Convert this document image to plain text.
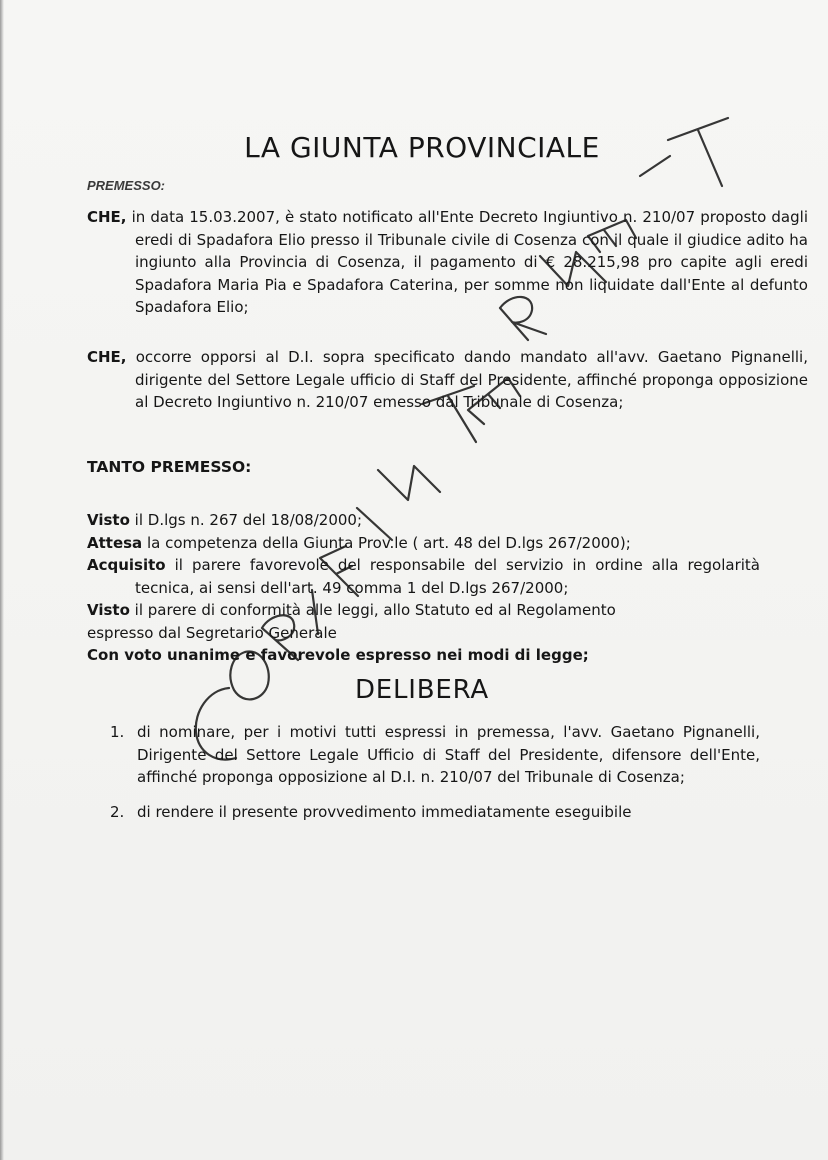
LA GIUNTA PROVINCIALE
PREMESSO:
CHE, in data 15.03.2007, è stato notificato all'Ente Decreto Ingiuntivo n. 210/07 proposto dagli eredi di Spadafora Elio presso il Tribunale civile di Cosenza con il quale il giudice adito ha ingiunto alla Provincia di Cosenza, il pagamento di € 28.215,98 pro capite agli eredi Spadafora Maria Pia e Spadafora Caterina, per somme non liquidate dall'Ente al defunto Spadafora Elio;
CHE, occorre opporsi al D.I. sopra specificato dando mandato all'avv. Gaetano Pignanelli, dirigente del Settore Legale ufficio di Staff del Presidente, affinché proponga opposizione al Decreto Ingiuntivo n. 210/07 emesso dal Tribunale di Cosenza;
TANTO PREMESSO:
Visto il D.lgs n. 267 del 18/08/2000;
Attesa la competenza della Giunta Prov.le ( art. 48 del D.lgs 267/2000);
Acquisito il parere favorevole del responsabile del servizio in ordine alla regolarità
tecnica, ai sensi dell'art. 49 comma 1 del D.lgs 267/2000;
Visto il parere di conformità alle leggi, allo Statuto ed al Regolamento
espresso dal Segretario Generale
Con voto unanime e favorevole espresso nei modi di legge;
DELIBERA
1. di nominare, per i motivi tutti espressi in premessa, l'avv. Gaetano Pignanelli, Dirigente del Settore Legale Ufficio di Staff del Presidente, difensore dell'Ente, affinché proponga opposizione al D.I. n. 210/07 del Tribunale di Cosenza;
2. di rendere il presente provvedimento immediatamente eseguibile
